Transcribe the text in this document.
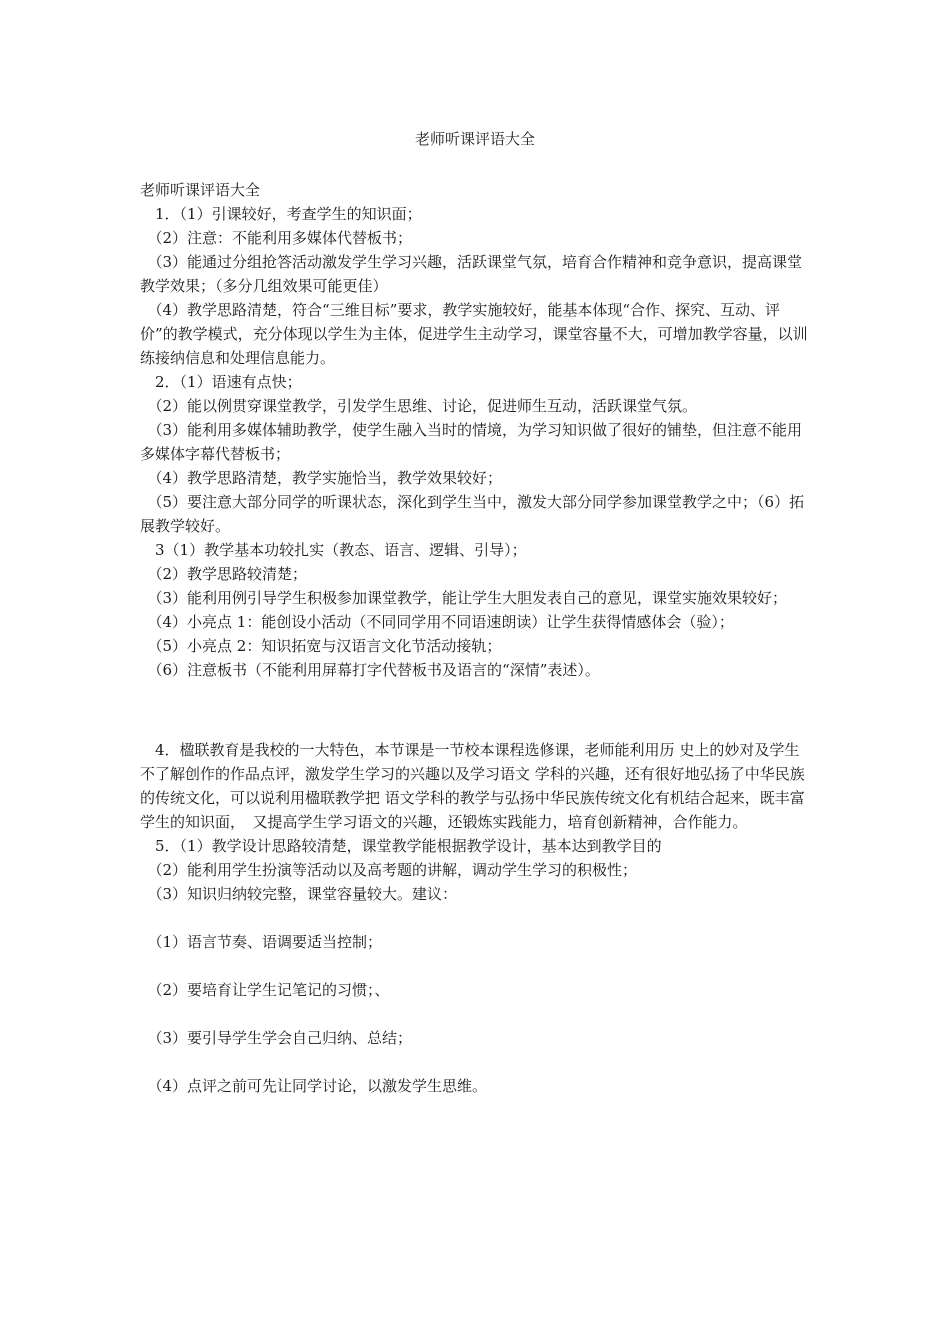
老师听课评语大全

老师听课评语大全

　1．（1）引课较好，考查学生的知识面；

　（2）注意：不能利用多媒体代替板书；

　（3）能通过分组抢答活动激发学生学习兴趣，活跃课堂气氛，培育合作精神和竞争意识，提高课堂教学效果；（多分几组效果可能更佳）

　（4）教学思路清楚，符合“三维目标”要求，教学实施较好，能基本体现“合作、探究、互动、评价”的教学模式，充分体现以学生为主体，促进学生主动学习，课堂容量不大，可增加教学容量，以训练接纳信息和处理信息能力。

　2．（1）语速有点快；

　（2）能以例贯穿课堂教学，引发学生思维、讨论，促进师生互动，活跃课堂气氛。

　（3）能利用多媒体辅助教学，使学生融入当时的情境，为学习知识做了很好的铺垫，但注意不能用多媒体字幕代替板书；

　（4）教学思路清楚，教学实施恰当，教学效果较好；

　（5）要注意大部分同学的听课状态，深化到学生当中，激发大部分同学参加课堂教学之中；（6）拓展教学较好。

　3（1）教学基本功较扎实（教态、语言、逻辑、引导）；

　（2）教学思路较清楚；

　（3）能利用例引导学生积极参加课堂教学，能让学生大胆发表自己的意见，课堂实施效果较好；

　（4）小亮点 1：能创设小活动（不同同学用不同语速朗读）让学生获得情感体会（验）；

　（5）小亮点 2：知识拓宽与汉语言文化节活动接轨；

　（6）注意板书（不能利用屏幕打字代替板书及语言的“深情”表述）。

　4．楹联教育是我校的一大特色，本节课是一节校本课程选修课，老师能利用历 史上的妙对及学生不了解创作的作品点评，激发学生学习的兴趣以及学习语文 学科的兴趣，还有很好地弘扬了中华民族的传统文化，可以说利用楹联教学把 语文学科的教学与弘扬中华民族传统文化有机结合起来，既丰富学生的知识面，　又提高学生学习语文的兴趣，还锻炼实践能力，培育创新精神，合作能力。

　5．（1）教学设计思路较清楚，课堂教学能根据教学设计，基本达到教学目的

　（2）能利用学生扮演等活动以及高考题的讲解，调动学生学习的积极性；

　（3）知识归纳较完整，课堂容量较大。建议：

　（1）语言节奏、语调要适当控制；

　（2）要培育让学生记笔记的习惯；、

　（3）要引导学生学会自己归纳、总结；

　（4）点评之前可先让同学讨论，以激发学生思维。
